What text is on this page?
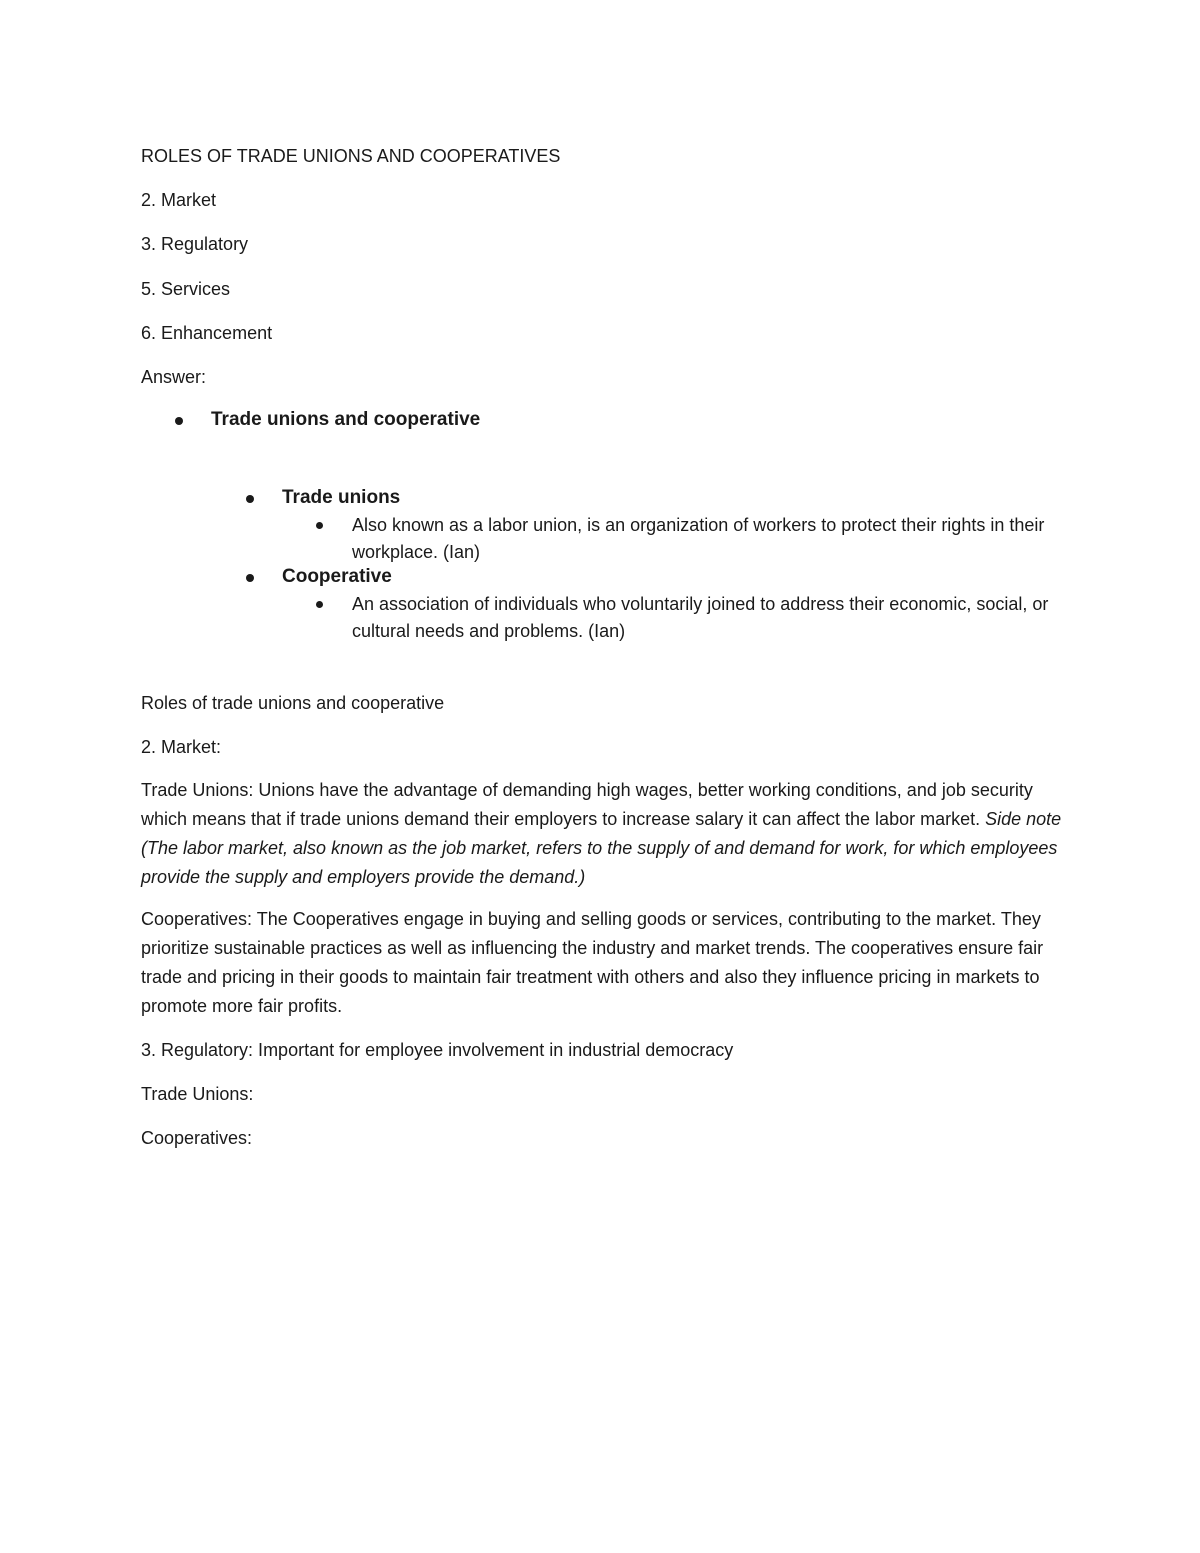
ROLES OF TRADE UNIONS AND COOPERATIVES
2. Market
3. Regulatory
5. Services
6. Enhancement
Answer:
Trade unions and cooperative
Trade unions
Also known as a labor union, is an organization of workers to protect their rights in their workplace. (Ian)
Cooperative
An association of individuals who voluntarily joined to address their economic, social, or cultural needs and problems. (Ian)
Roles of trade unions and cooperative
2. Market:
Trade Unions: Unions have the advantage of demanding high wages, better working conditions, and job security which means that if trade unions demand their employers to increase salary it can affect the labor market. Side note (The labor market, also known as the job market, refers to the supply of and demand for work, for which employees provide the supply and employers provide the demand.)
Cooperatives: The Cooperatives engage in buying and selling goods or services, contributing to the market. They prioritize sustainable practices as well as influencing the industry and market trends. The cooperatives ensure fair trade and pricing in their goods to maintain fair treatment with others and also they influence pricing in markets to promote more fair profits.
3. Regulatory: Important for employee involvement in industrial democracy
Trade Unions:
Cooperatives:
